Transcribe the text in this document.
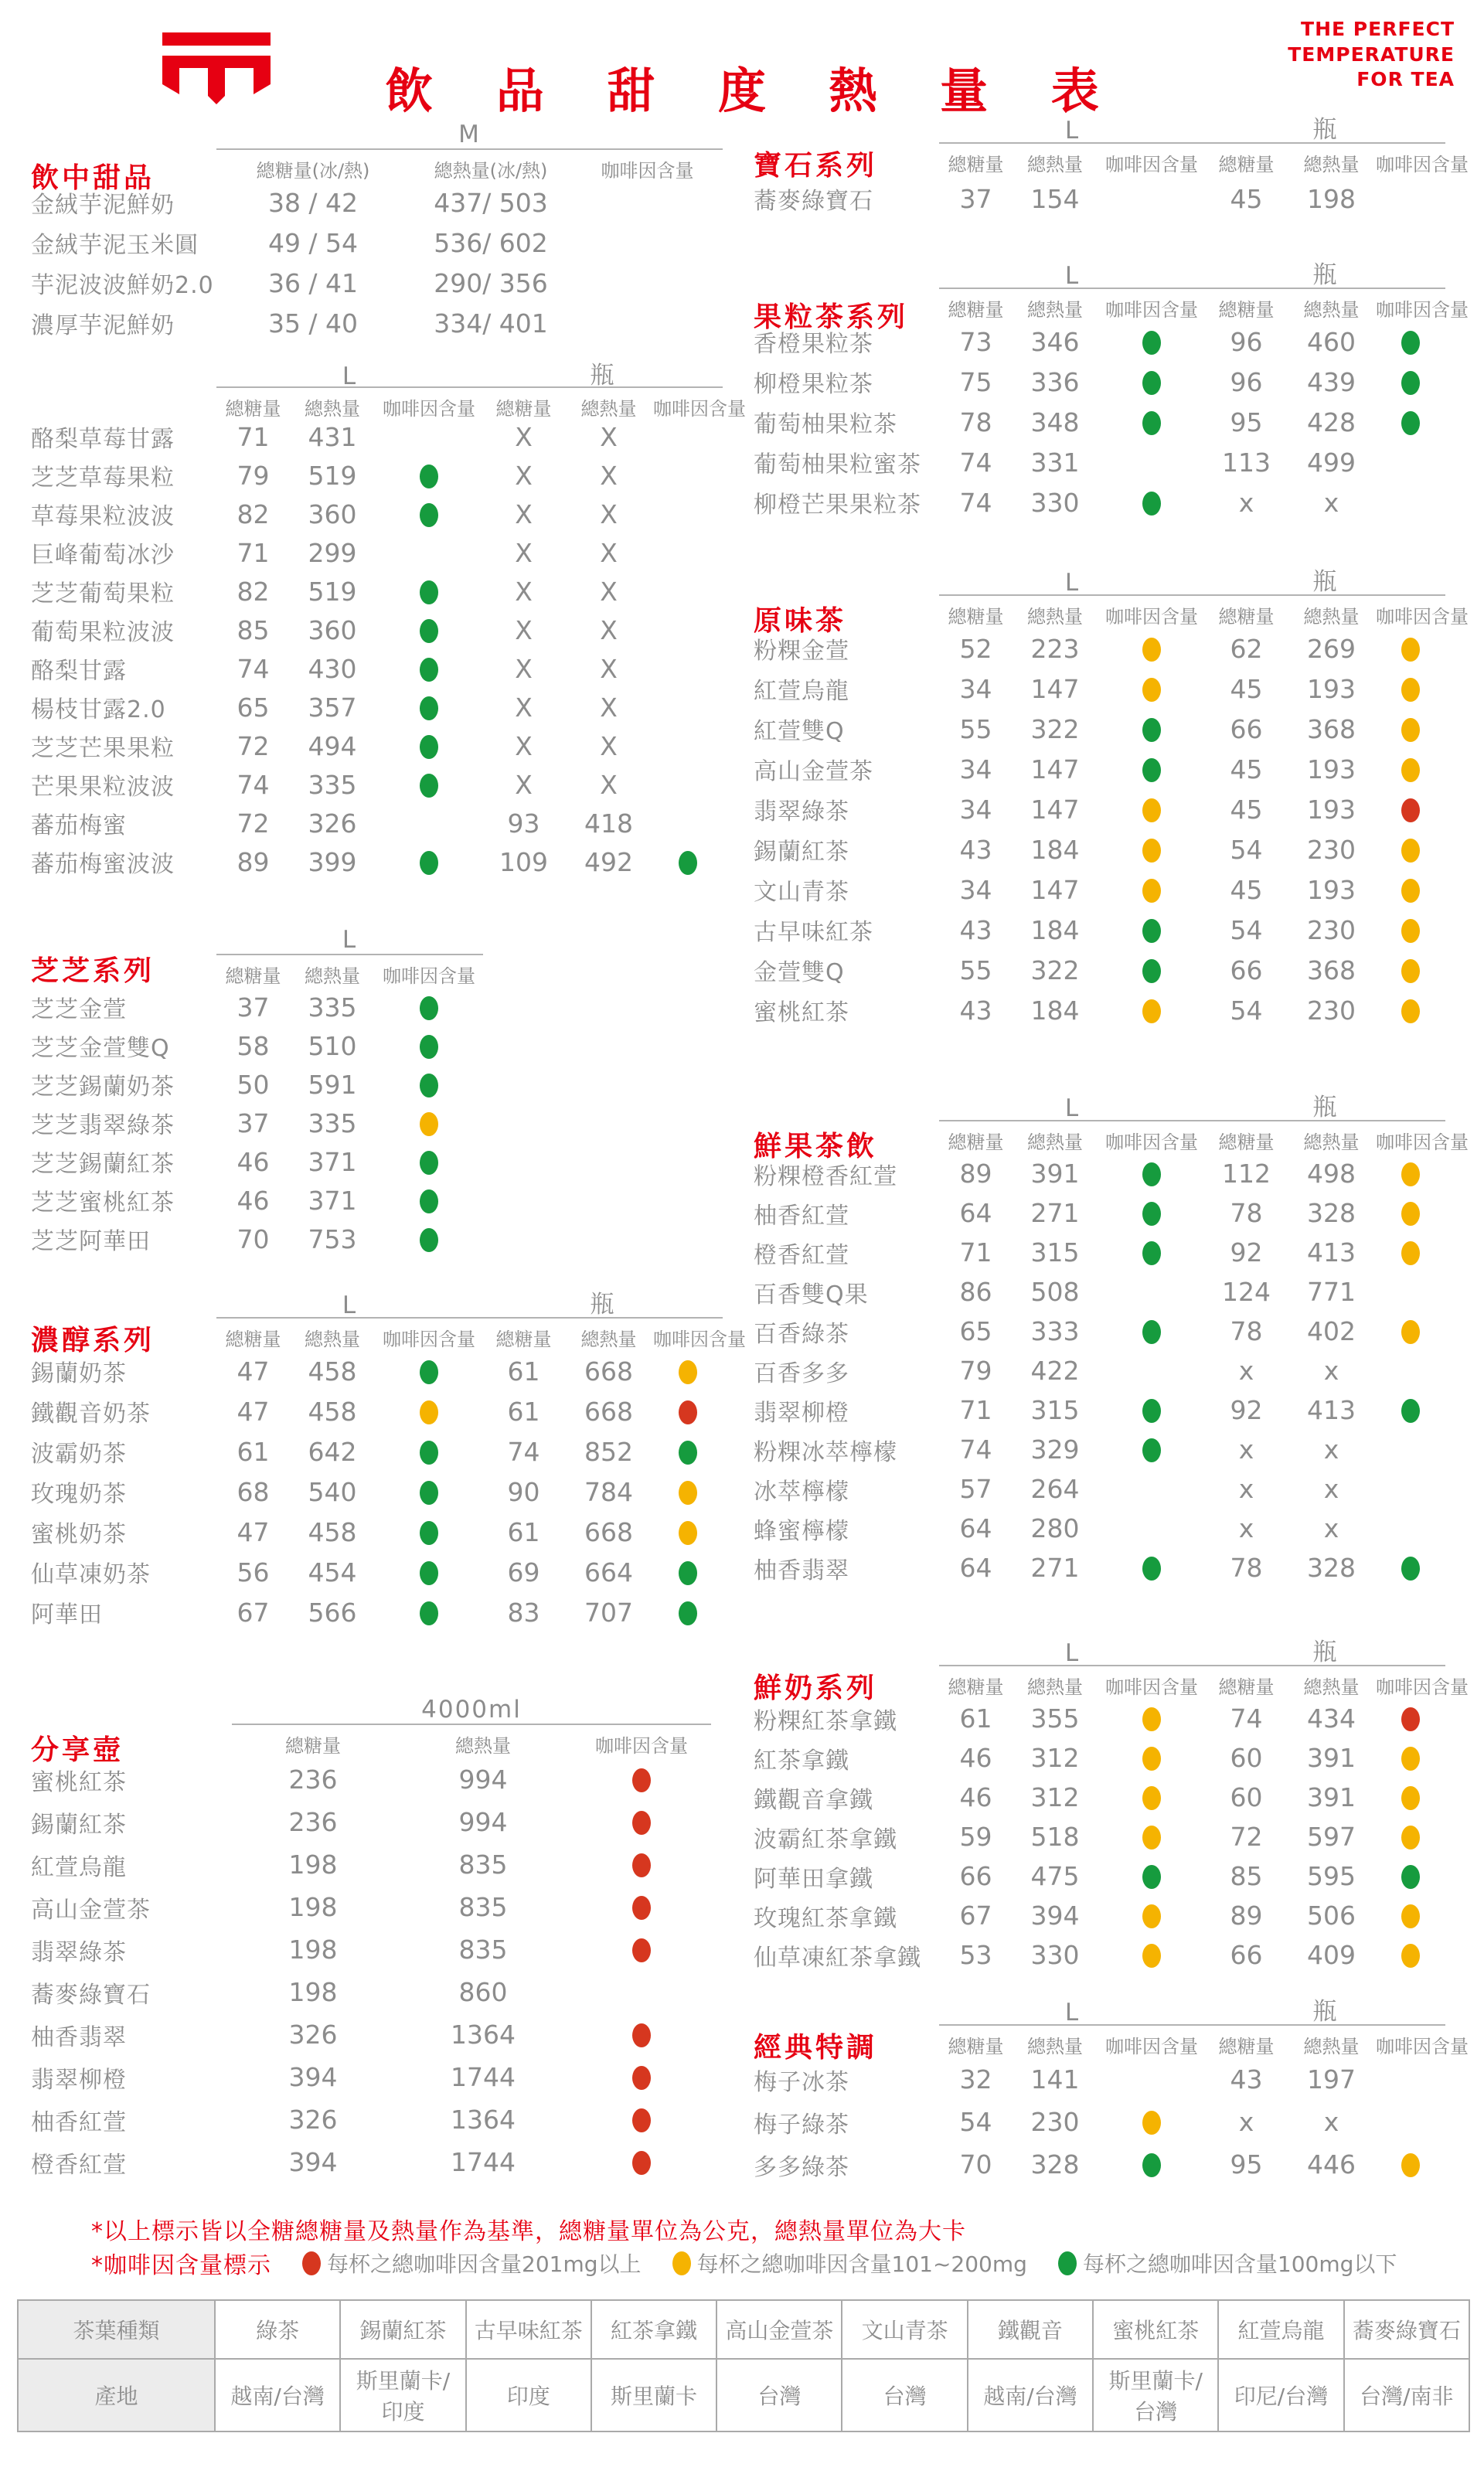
飲 品 甜 度 熱 量 表
THE PERFECT
TEMPERATURE
FOR TEA
飲中甜品
M
總糖量(冰/熱)	總熱量(冰/熱)	咖啡因含量
金絨芋泥鮮奶	38 / 42	437/ 503
金絨芋泥玉米圓	49 / 54	536/ 602
芋泥波波鮮奶2.0	36 / 41	290/ 356
濃厚芋泥鮮奶	35 / 40	334/ 401
L	瓶
總糖量	總熱量	咖啡因含量	總糖量	總熱量 咖啡因含量
酪梨草莓甘露	71	431	X	X
芝芝草莓果粒	79	519	X	X
草莓果粒波波	82	360	X	X
巨峰葡萄冰沙	71	299	X	X
芝芝葡萄果粒	82	519	X	X
葡萄果粒波波	85	360	X	X
酪梨甘露	74	430	X	X
楊枝甘露2.0	65	357	X	X
芝芝芒果果粒	72	494	X	X
芒果果粒波波	74	335	X	X
蕃茄梅蜜	72	326	93	418
蕃茄梅蜜波波	89	399	109	492
芝芝系列
L
總糖量	總熱量	咖啡因含量
芝芝金萱	37	335
芝芝金萱雙Q	58	510
芝芝錫蘭奶茶	50	591
芝芝翡翠綠茶	37	335
芝芝錫蘭紅茶	46	371
芝芝蜜桃紅茶	46	371
芝芝阿華田	70	753
濃醇系列
L	瓶
總糖量	總熱量	咖啡因含量	總糖量	總熱量 咖啡因含量
錫蘭奶茶	47	458	61	668
鐵觀音奶茶	47	458	61	668
波霸奶茶	61	642	74	852
玫瑰奶茶	68	540	90	784
蜜桃奶茶	47	458	61	668
仙草凍奶茶	56	454	69	664
阿華田	67	566	83	707
分享壺
4000ml
總糖量	總熱量	咖啡因含量
蜜桃紅茶	236	994
錫蘭紅茶	236	994
紅萱烏龍	198	835
高山金萱茶	198	835
翡翠綠茶	198	835
蕎麥綠寶石	198	860
柚香翡翠	326	1364
翡翠柳橙	394	1744
柚香紅萱	326	1364
橙香紅萱	394	1744
寶石系列
L	瓶
總糖量	總熱量	咖啡因含量	總糖量	總熱量 咖啡因含量
蕎麥綠寶石	37	154	45	198
果粒茶系列
L	瓶
總糖量	總熱量	咖啡因含量	總糖量	總熱量 咖啡因含量
香橙果粒茶	73	346	96	460
柳橙果粒茶	75	336	96	439
葡萄柚果粒茶	78	348	95	428
葡萄柚果粒蜜茶	74	331	113	499
柳橙芒果果粒茶	74	330	x	x
原味茶
L	瓶
總糖量	總熱量	咖啡因含量	總糖量	總熱量 咖啡因含量
粉粿金萱	52	223	62	269
紅萱烏龍	34	147	45	193
紅萱雙Q	55	322	66	368
高山金萱茶	34	147	45	193
翡翠綠茶	34	147	45	193
錫蘭紅茶	43	184	54	230
文山青茶	34	147	45	193
古早味紅茶	43	184	54	230
金萱雙Q	55	322	66	368
蜜桃紅茶	43	184	54	230
鮮果茶飲
L	瓶
總糖量	總熱量	咖啡因含量	總糖量	總熱量 咖啡因含量
粉粿橙香紅萱	89	391	112	498
柚香紅萱	64	271	78	328
橙香紅萱	71	315	92	413
百香雙Q果	86	508	124	771
百香綠茶	65	333	78	402
百香多多	79	422	x	x
翡翠柳橙	71	315	92	413
粉粿冰萃檸檬	74	329	x	x
冰萃檸檬	57	264	x	x
蜂蜜檸檬	64	280	x	x
柚香翡翠	64	271	78	328
鮮奶系列
L	瓶
總糖量	總熱量	咖啡因含量	總糖量	總熱量 咖啡因含量
粉粿紅茶拿鐵	61	355	74	434
紅茶拿鐵	46	312	60	391
鐵觀音拿鐵	46	312	60	391
波霸紅茶拿鐵	59	518	72	597
阿華田拿鐵	66	475	85	595
玫瑰紅茶拿鐵	67	394	89	506
仙草凍紅茶拿鐵	53	330	66	409
經典特調
L	瓶
總糖量	總熱量	咖啡因含量	總糖量	總熱量 咖啡因含量
梅子冰茶	32	141	43	197
梅子綠茶	54	230	x	x
多多綠茶	70	328	95	446
*以上標示皆以全糖總糖量及熱量作為基準，總糖量單位為公克，總熱量單位為大卡
*咖啡因含量標示	每杯之總咖啡因含量201mg以上	每杯之總咖啡因含量101~200mg	每杯之總咖啡因含量100mg以下
茶葉種類	綠茶	錫蘭紅茶	古早味紅茶	紅茶拿鐵	高山金萱茶	文山青茶	鐵觀音	蜜桃紅茶	紅萱烏龍	蕎麥綠寶石
產地	越南/台灣	斯里蘭卡/印度	印度	斯里蘭卡	台灣	台灣	越南/台灣	斯里蘭卡/台灣	印尼/台灣	台灣/南非
